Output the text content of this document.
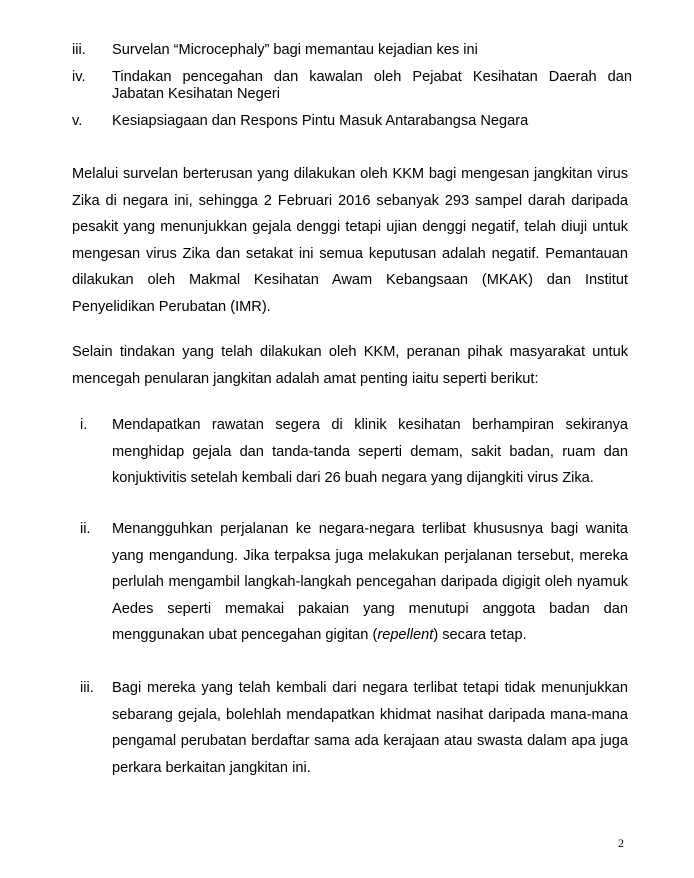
iii.	Survelan “Microcephaly” bagi memantau kejadian kes ini
iv.	Tindakan pencegahan dan kawalan oleh Pejabat Kesihatan Daerah dan Jabatan Kesihatan Negeri
v.	Kesiapsiagaan dan Respons Pintu Masuk Antarabangsa Negara

Melalui survelan berterusan yang dilakukan oleh KKM bagi mengesan jangkitan virus Zika di negara ini, sehingga 2 Februari 2016 sebanyak 293 sampel darah daripada pesakit yang menunjukkan gejala denggi tetapi ujian denggi negatif, telah diuji untuk mengesan virus Zika dan setakat ini semua keputusan adalah negatif. Pemantauan dilakukan oleh Makmal Kesihatan Awam Kebangsaan (MKAK) dan Institut Penyelidikan Perubatan (IMR).

Selain tindakan yang telah dilakukan oleh KKM, peranan pihak masyarakat untuk mencegah penularan jangkitan adalah amat penting iaitu seperti berikut:

i.	Mendapatkan rawatan segera di klinik kesihatan berhampiran sekiranya menghidap gejala dan tanda-tanda seperti demam, sakit badan, ruam dan konjuktivitis setelah kembali dari 26 buah negara yang dijangkiti virus Zika.
ii.	Menangguhkan perjalanan ke negara-negara terlibat khususnya bagi wanita yang mengandung. Jika terpaksa juga melakukan perjalanan tersebut, mereka perlulah mengambil langkah-langkah pencegahan daripada digigit oleh nyamuk Aedes seperti memakai pakaian yang menutupi anggota badan dan menggunakan ubat pencegahan gigitan (repellent) secara tetap.
iii.	Bagi mereka yang telah kembali dari negara terlibat tetapi tidak menunjukkan sebarang gejala, bolehlah mendapatkan khidmat nasihat daripada mana-mana pengamal perubatan berdaftar sama ada kerajaan atau swasta dalam apa juga perkara berkaitan jangkitan ini.
2
